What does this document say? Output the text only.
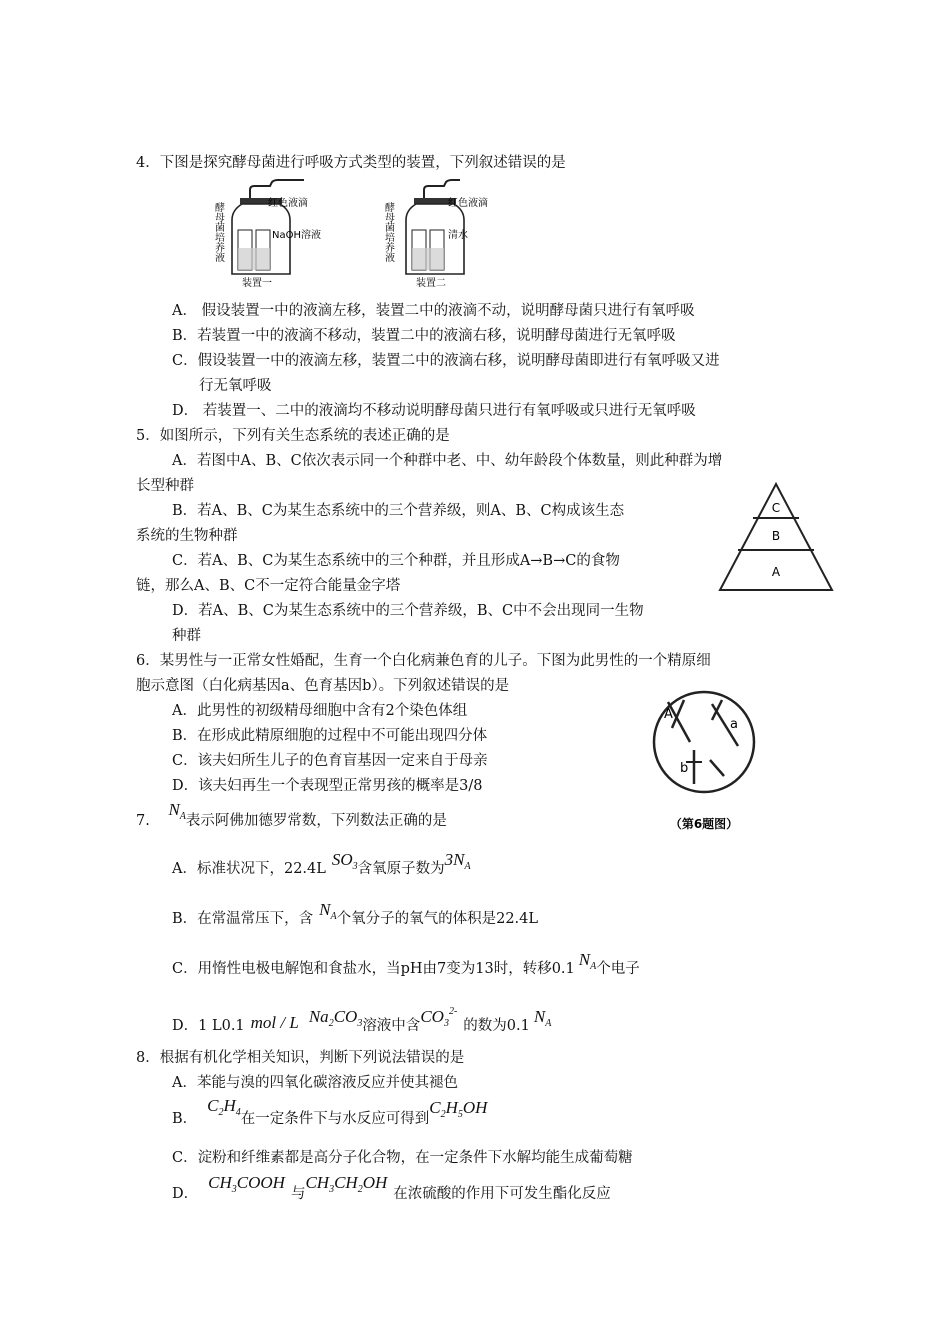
4．下图是探究酵母菌进行呼吸方式类型的装置，下列叙述错误的是
酵母菌培养液	红色液滴
NaOH溶液
装置一
酵母菌培养液	红色液滴
清水
装置二
A． 假设装置一中的液滴左移，装置二中的液滴不动，说明酵母菌只进行有氧呼吸
B．若装置一中的液滴不移动，装置二中的液滴右移，说明酵母菌进行无氧呼吸
C．假设装置一中的液滴左移，装置二中的液滴右移，说明酵母菌即进行有氧呼吸又进
行无氧呼吸
D． 若装置一、二中的液滴均不移动说明酵母菌只进行有氧呼吸或只进行无氧呼吸
5．如图所示，下列有关生态系统的表述正确的是
A．若图中A、B、C依次表示同一个种群中老、中、幼年龄段个体数量，则此种群为增
长型种群
B．若A、B、C为某生态系统中的三个营养级，则A、B、C构成该生态
系统的生物种群
C．若A、B、C为某生态系统中的三个种群，并且形成A→B→C的食物
链，那么A、B、C不一定符合能量金字塔
D．若A、B、C为某生态系统中的三个营养级，B、C中不会出现同一生物
种群
C
B
A
6．某男性与一正常女性婚配，生育一个白化病兼色育的儿子。下图为此男性的一个精原细
胞示意图（白化病基因a、色育基因b）。下列叙述错误的是
A．此男性的初级精母细胞中含有2个染色体组
B．在形成此精原细胞的过程中不可能出现四分体
C．该夫妇所生儿子的色育盲基因一定来自于母亲
D．该夫妇再生一个表现型正常男孩的概率是3/8
A
a
b
（第6题图）
7. $N_A$表示阿佛加德罗常数，下列数法正确的是
A．标准状况下，22.4L $SO_3$含氧原子数为$3N_A$
B．在常温常压下，含 $N_A$个氧分子的氧气的体积是22.4L
C．用惰性电极电解饱和食盐水，当pH由7变为13时，转移0.1 $N_A$个电子
D．1 L0.1 mol / L $Na_2CO_3$溶液中含$CO_3^{2-}$的数为0.1 $N_A$
8．根据有机化学相关知识，判断下列说法错误的是
A．苯能与溴的四氧化碳溶液反应并使其褪色
B．$C_2H_4$在一定条件下与水反应可得到$C_2H_5OH$
C．淀粉和纤维素都是高分子化合物，在一定条件下水解均能生成葡萄糖
D．$CH_3COOH$与$CH_3CH_2OH$在浓硫酸的作用下可发生酯化反应
